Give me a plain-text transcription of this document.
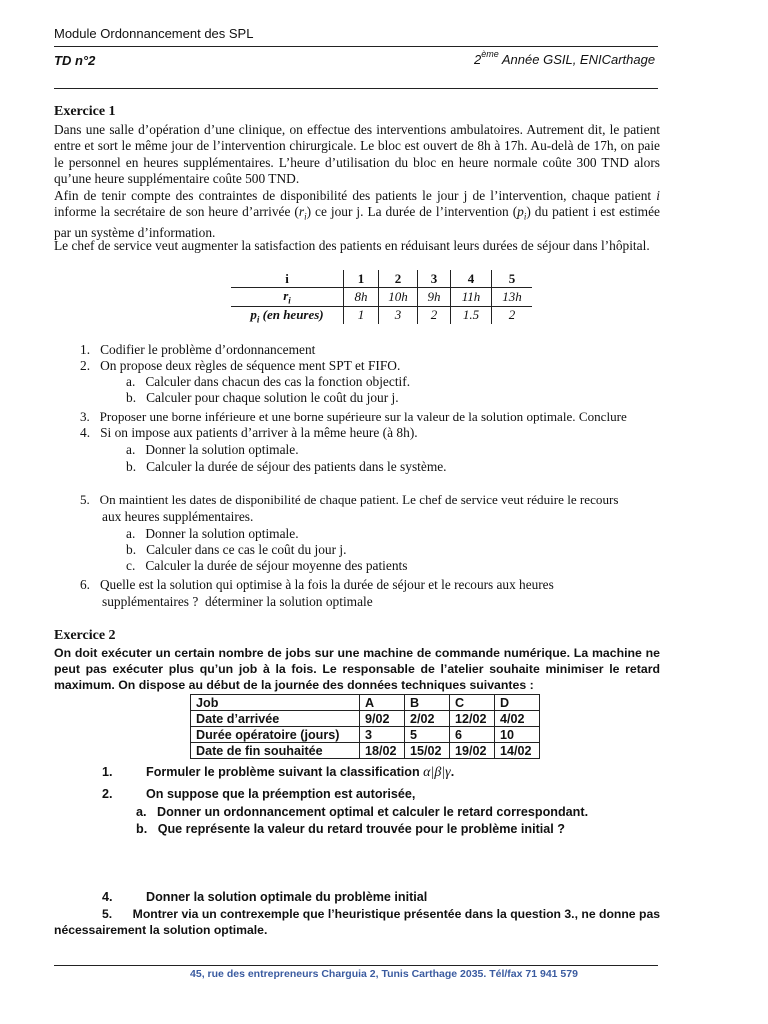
Module Ordonnancement des SPL
TD n°2	2ème Année GSIL, ENICarthage
Exercice 1

Dans une salle d’opération d’une clinique, on effectue des interventions ambulatoires. Autrement dit, le patient entre et sort le même jour de l’intervention chirurgicale. Le bloc est ouvert de 8h à 17h. Au-delà de 17h, on paie le personnel en heures supplémentaires. L’heure d’utilisation du bloc en heure normale coûte 300 TND alors qu’une heure supplémentaire coûte 500 TND.

Afin de tenir compte des contraintes de disponibilité des patients le jour j de l’intervention, chaque patient i informe la secrétaire de son heure d’arrivée $(r_i)$ ce jour j. La durée de l’intervention $(p_i)$ du patient i est estimée par un système d’information.

Le chef de service veut augmenter la satisfaction des patients en réduisant leurs durées de séjour dans l’hôpital.

i	1	2	3	4	5
$r_i$	8h	10h	9h	11h	13h
$p_i$ (en heures)	1	3	2	1.5	2
1.   Codifier le problème d’ordonnancement
2.   On propose deux règles de séquence ment SPT et FIFO.
a.   Calculer dans chacun des cas la fonction objectif.
b.   Calculer pour chaque solution le coût du jour j.
3.   Proposer une borne inférieure et une borne supérieure sur la valeur de la solution optimale. Conclure
4.   Si on impose aux patients d’arriver à la même heure (à 8h).
a.   Donner la solution optimale.
b.   Calculer la durée de séjour des patients dans le système.
5.   On maintient les dates de disponibilité de chaque patient. Le chef de service veut réduire le recours
aux heures supplémentaires.
a.   Donner la solution optimale.
b.   Calculer dans ce cas le coût du jour j.
c.   Calculer la durée de séjour moyenne des patients
6.   Quelle est la solution qui optimise à la fois la durée de séjour et le recours aux heures
supplémentaires ?  déterminer la solution optimale
Exercice 2

On doit exécuter un certain nombre de jobs sur une machine de commande numérique. La machine ne peut pas exécuter plus qu’un job à la fois. Le responsable de l’atelier souhaite minimiser le retard maximum. On dispose au début de la journée des données techniques suivantes :

Job	A	B	C	D
Date d’arrivée	9/02	2/02	12/02	4/02
Durée opératoire (jours)	3	5	6	10
Date de fin souhaitée	18/02	15/02	19/02	14/02
1.	Formuler le problème suivant la classification α|β|γ.
2.	On suppose que la préemption est autorisée,
a.   Donner un ordonnancement optimal et calculer le retard correspondant.
b.   Que représente la valeur du retard trouvée pour le problème initial ?

4.	Donner la solution optimale du problème initial

5.      Montrer via un contrexemple que l’heuristique présentée dans la question 3., ne donne pas nécessairement la solution optimale.

45, rue des entrepreneurs Charguia 2, Tunis Carthage 2035. Tél/fax 71 941 579
